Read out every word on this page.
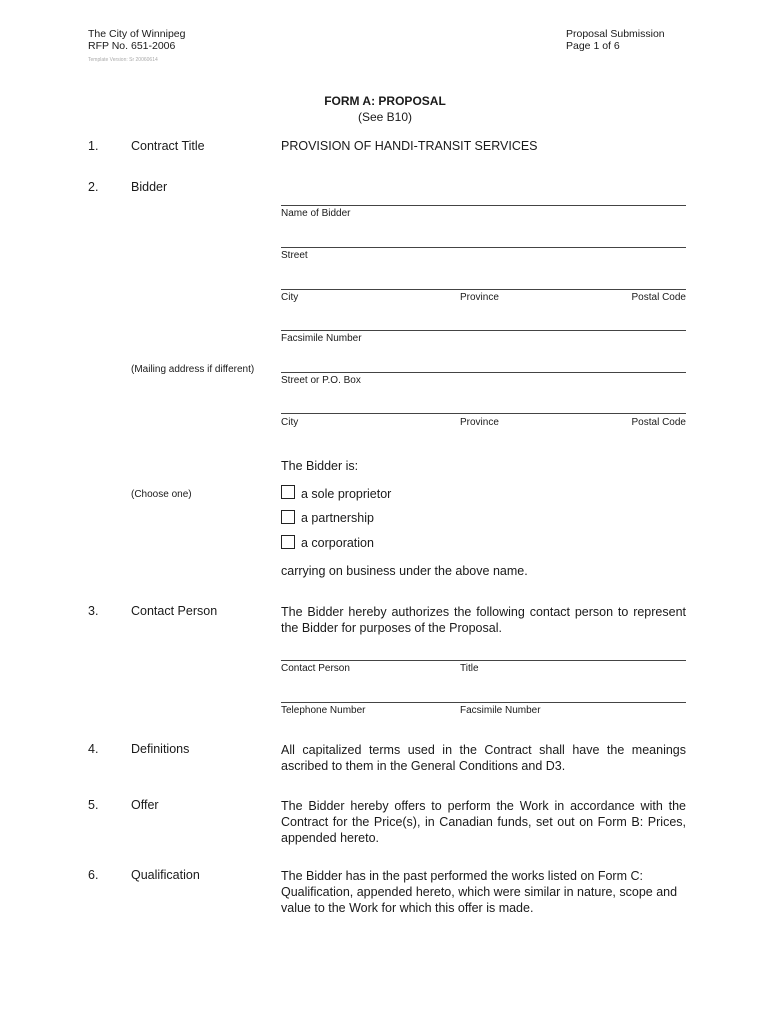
The City of Winnipeg
RFP No. 651-2006
Template Version: Sr 20060614
Proposal Submission
Page 1 of 6
FORM A: PROPOSAL
(See B10)
1.	Contract Title	PROVISION OF HANDI-TRANSIT SERVICES
2.	Bidder
Name of Bidder
Street
City	Province	Postal Code
Facsimile Number
(Mailing address if different)
Street or P.O. Box
City	Province	Postal Code
The Bidder is:
(Choose one)	a sole proprietor
a partnership
a corporation
carrying on business under the above name.
3.	Contact Person	The Bidder hereby authorizes the following contact person to represent the Bidder for purposes of the Proposal.
Contact Person	Title
Telephone Number	Facsimile Number
4.	Definitions	All capitalized terms used in the Contract shall have the meanings ascribed to them in the General Conditions and D3.
5.	Offer	The Bidder hereby offers to perform the Work in accordance with the Contract for the Price(s), in Canadian funds, set out on Form B: Prices, appended hereto.
6.	Qualification	The Bidder has in the past performed the works listed on Form C: Qualification, appended hereto, which were similar in nature, scope and value to the Work for which this offer is made.
